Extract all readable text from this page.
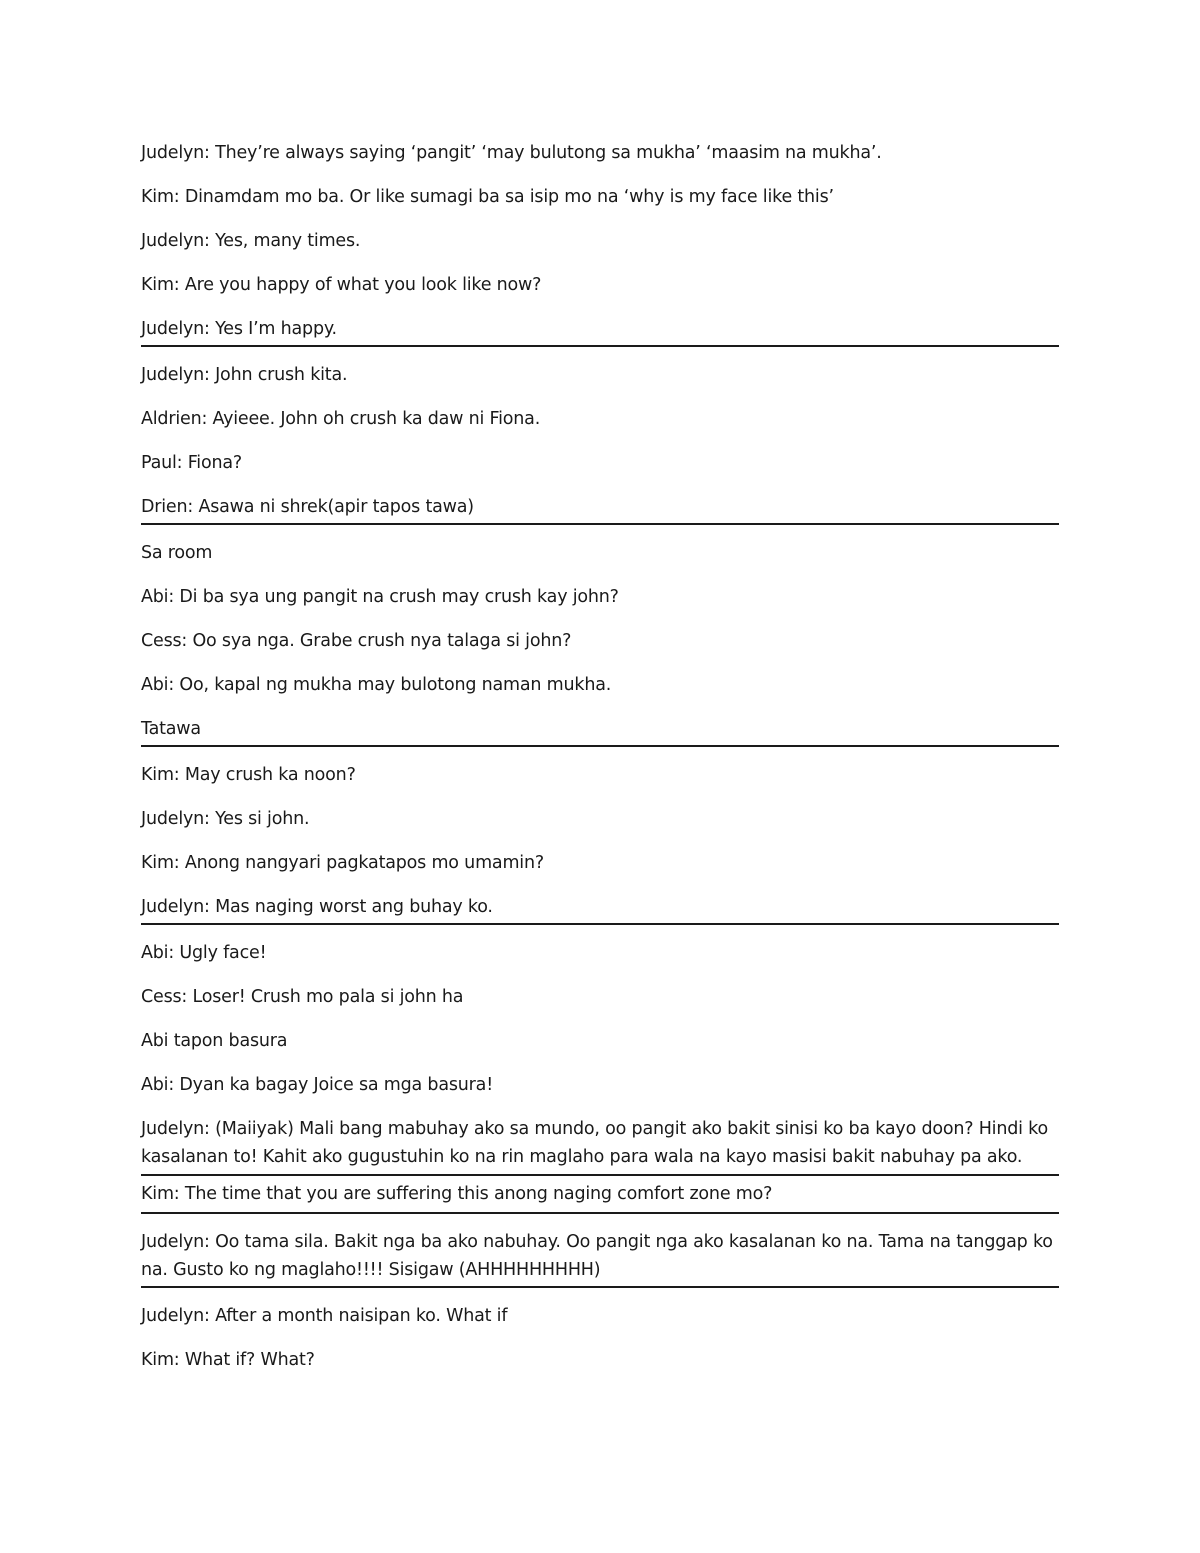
Judelyn: They’re always saying ‘pangit’ ‘may bulutong sa mukha’ ‘maasim na mukha’.
Kim: Dinamdam mo ba. Or like sumagi ba sa isip mo na ‘why is my face like this’
Judelyn: Yes, many times.
Kim: Are you happy of what you look like now?
Judelyn: Yes I’m happy.
Judelyn: John crush kita.
Aldrien: Ayieee. John oh crush ka daw ni Fiona.
Paul: Fiona?
Drien: Asawa ni shrek(apir tapos tawa)
Sa room
Abi: Di ba sya ung pangit na crush may crush kay john?
Cess: Oo sya nga. Grabe crush nya talaga si john?
Abi: Oo, kapal ng mukha may bulotong naman mukha.
Tatawa
Kim: May crush ka noon?
Judelyn: Yes si john.
Kim: Anong nangyari pagkatapos mo umamin?
Judelyn: Mas naging worst ang buhay ko.
Abi: Ugly face!
Cess: Loser! Crush mo pala si john ha
Abi tapon basura
Abi: Dyan ka bagay Joice sa mga basura!
Judelyn: (Maiiyak) Mali bang mabuhay ako sa mundo, oo pangit ako bakit sinisi ko ba kayo doon? Hindi ko kasalanan to! Kahit ako gugustuhin ko na rin maglaho para wala na kayo masisi bakit nabuhay pa ako.
Kim: The time that you are suffering this anong naging comfort zone mo?
Judelyn: Oo tama sila. Bakit nga ba ako nabuhay. Oo pangit nga ako kasalanan ko na. Tama na tanggap ko na. Gusto ko ng maglaho!!!! Sisigaw (AHHHHHHHHH)
Judelyn: After a month naisipan ko. What if
Kim: What if? What?
